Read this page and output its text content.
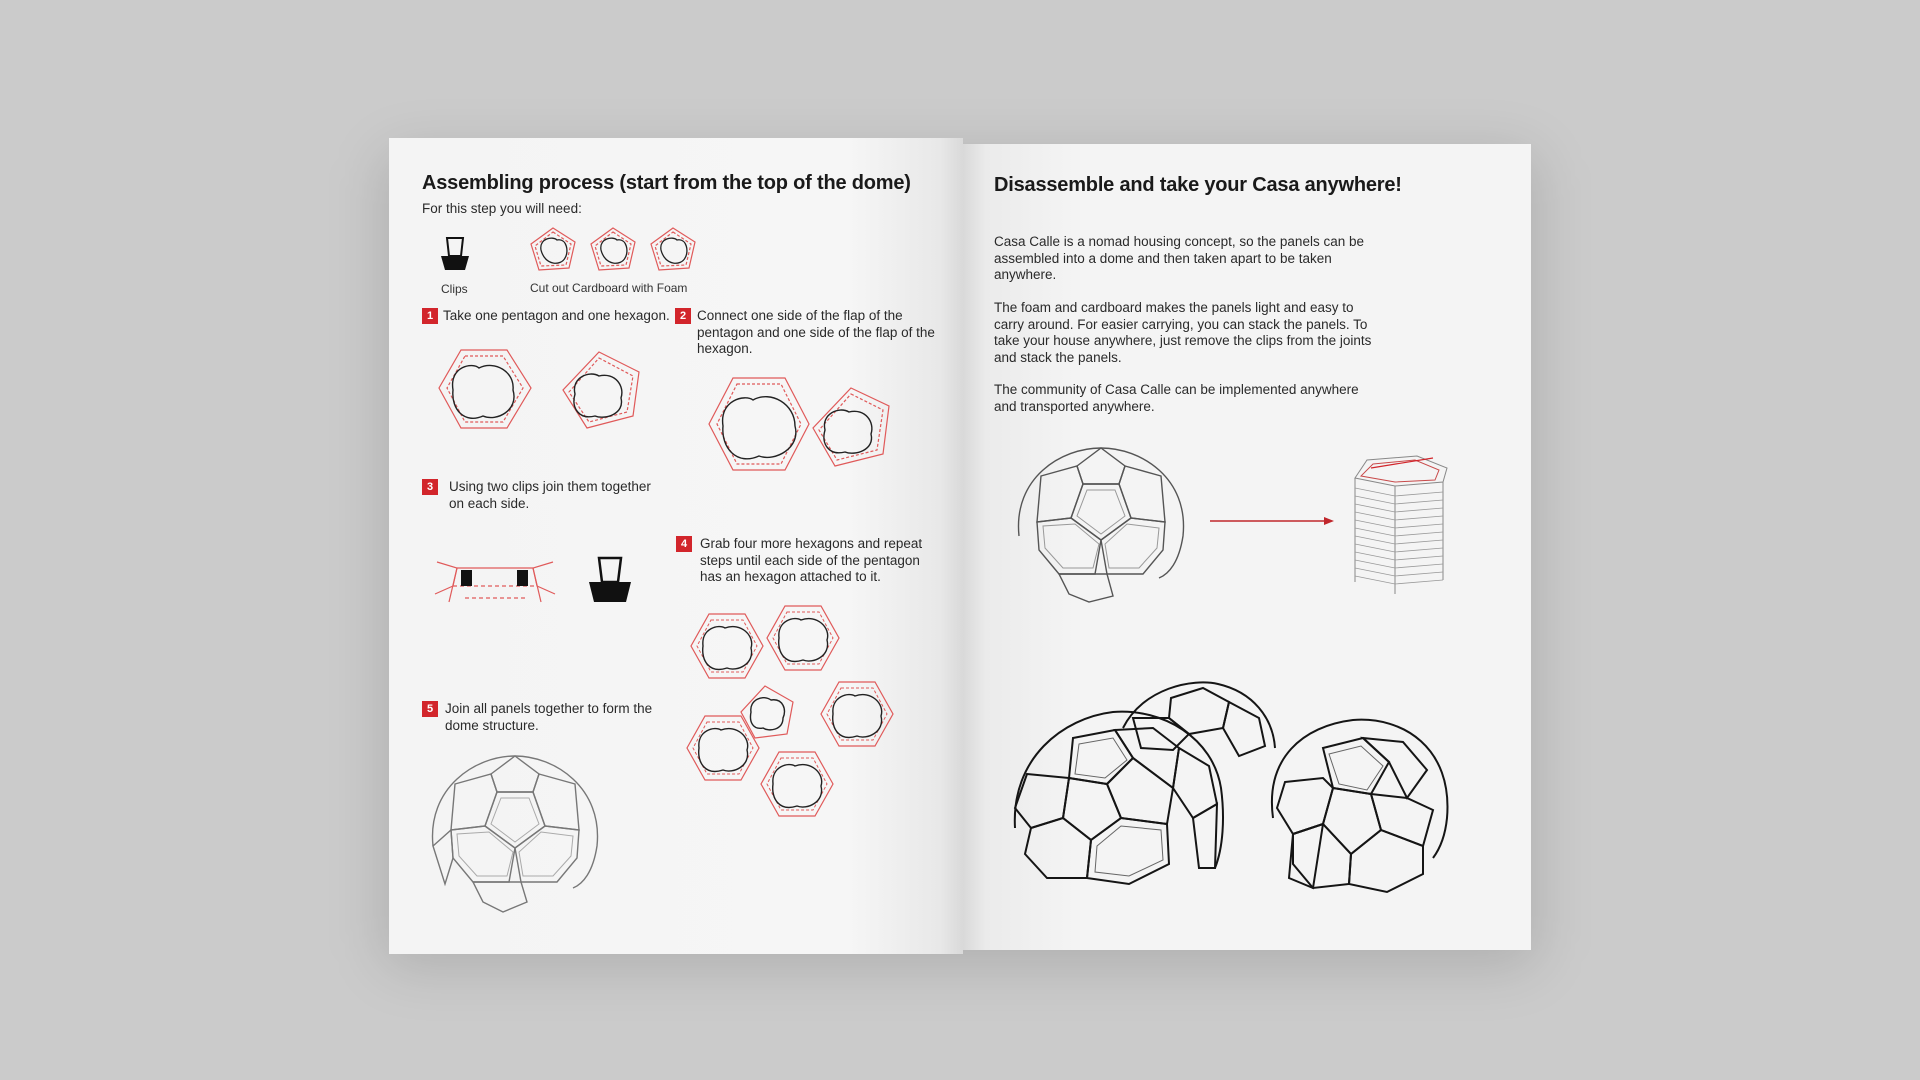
Assembling process (start from the top of the dome)
For this step you will need:
Clips	Cut out Cardboard with Foam
1 Take one pentagon and one hexagon. 2 Connect one side of the flap of the pentagon and one side of the flap of the hexagon.
3	Using two clips join them together on each side.
4 Grab four more hexagons and repeat steps until each side of the pentagon has an hexagon attached to it.
5 Join all panels together to form the dome structure.
Disassemble and take your Casa anywhere!

Casa Calle is a nomad housing concept, so the panels can be assembled into a dome and then taken apart to be taken anywhere.

The foam and cardboard makes the panels light and easy to carry around. For easier carrying, you can stack the panels. To take your house anywhere, just remove the clips from the joints and stack the panels.

The community of Casa Calle can be implemented anywhere and transported anywhere.
